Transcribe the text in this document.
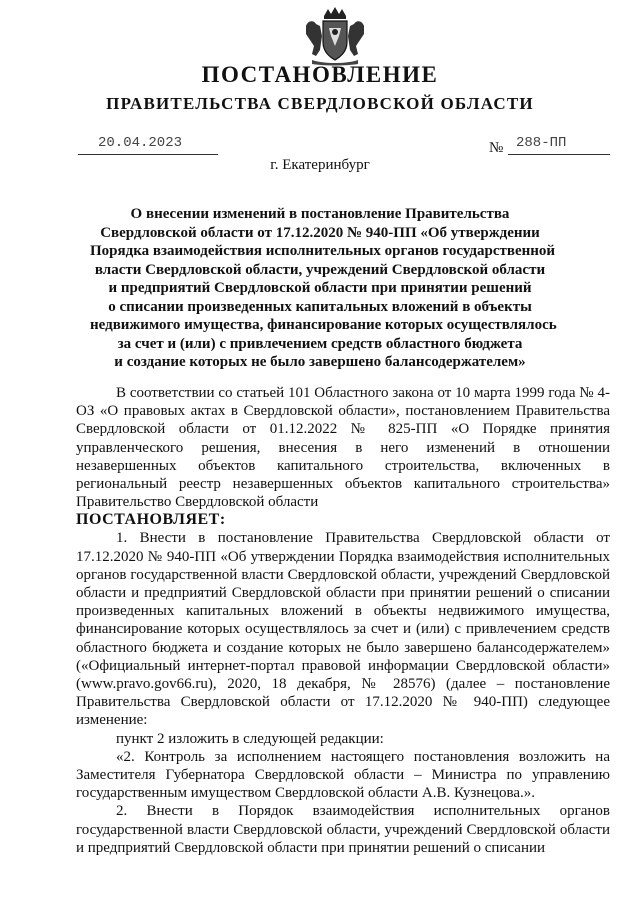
ПОСТАНОВЛЕНИЕ
ПРАВИТЕЛЬСТВА СВЕРДЛОВСКОЙ ОБЛАСТИ
20.04.2023	№ 288-ПП
г. Екатеринбург
О внесении изменений в постановление Правительства
Свердловской области от 17.12.2020 № 940-ПП «Об утверждении
Порядка взаимодействия исполнительных органов государственной
власти Свердловской области, учреждений Свердловской области
и предприятий Свердловской области при принятии решений
о списании произведенных капитальных вложений в объекты
недвижимого имущества, финансирование которых осуществлялось
за счет и (или) с привлечением средств областного бюджета
и создание которых не было завершено балансодержателем»

В соответствии со статьей 101 Областного закона от 10 марта 1999 года № 4-ОЗ «О правовых актах в Свердловской области», постановлением Правительства Свердловской области от 01.12.2022 № 825-ПП «О Порядке принятия управленческого решения, внесения в него изменений в отношении незавершенных объектов капитального строительства, включенных в региональный реестр незавершенных объектов капитального строительства» Правительство Свердловской области

ПОСТАНОВЛЯЕТ:

1. Внести в постановление Правительства Свердловской области от 17.12.2020 № 940-ПП «Об утверждении Порядка взаимодействия исполнительных органов государственной власти Свердловской области, учреждений Свердловской области и предприятий Свердловской области при принятии решений о списании произведенных капитальных вложений в объекты недвижимого имущества, финансирование которых осуществлялось за счет и (или) с привлечением средств областного бюджета и создание которых не было завершено балансодержателем» («Официальный интернет-портал правовой информации Свердловской области» (www.pravo.gov66.ru), 2020, 18 декабря, № 28576) (далее – постановление Правительства Свердловской области от 17.12.2020 № 940-ПП) следующее изменение:

пункт 2 изложить в следующей редакции:

«2. Контроль за исполнением настоящего постановления возложить на Заместителя Губернатора Свердловской области – Министра по управлению государственным имуществом Свердловской области А.В. Кузнецова.».

2. Внести в Порядок взаимодействия исполнительных органов государственной власти Свердловской области, учреждений Свердловской области и предприятий Свердловской области при принятии решений о списании
